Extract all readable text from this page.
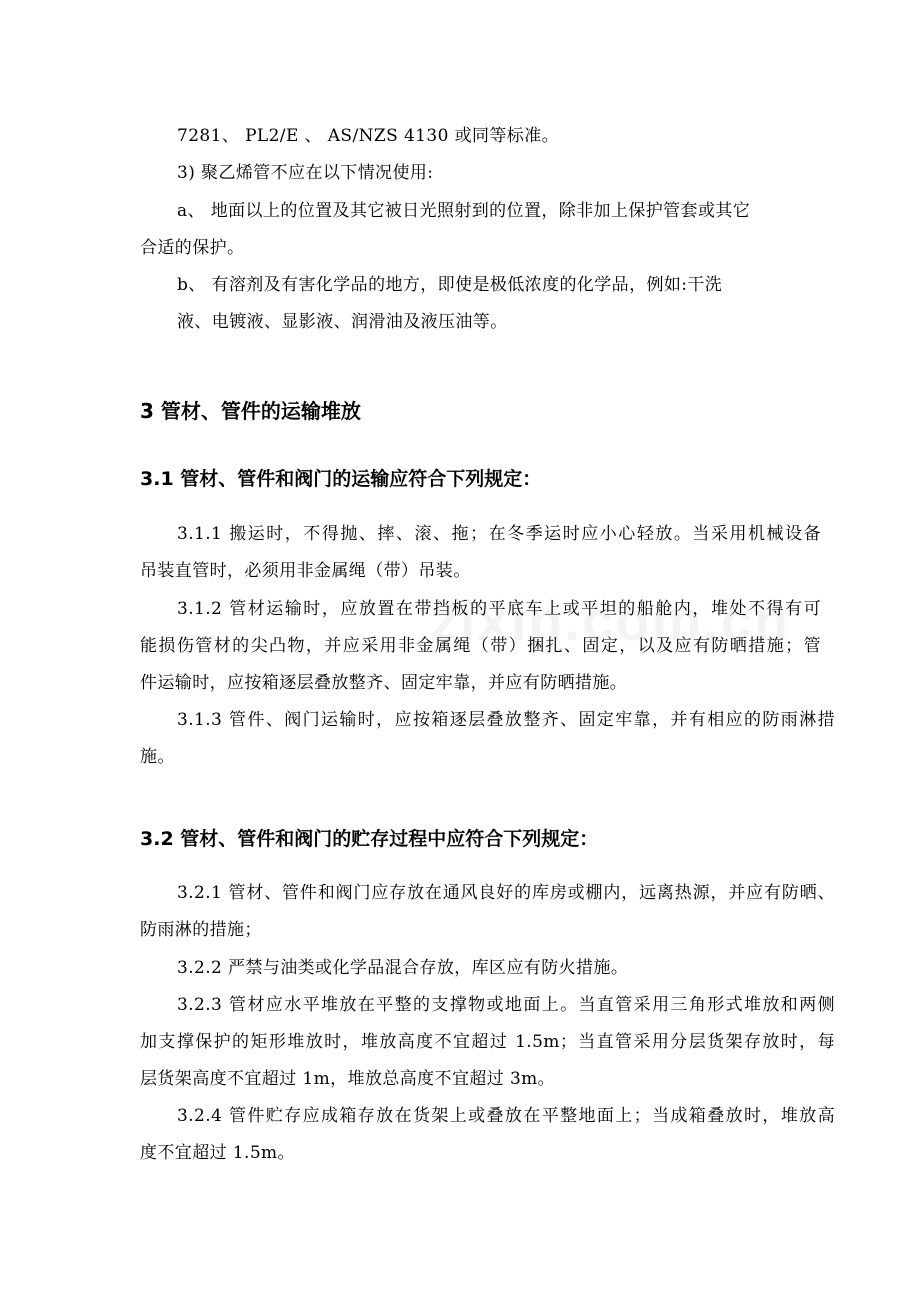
7281、 PL2/E 、 AS/NZS 4130 或同等标准。
3) 聚乙烯管不应在以下情况使用:
a、 地面以上的位置及其它被日光照射到的位置，除非加上保护管套或其它
合适的保护。
b、 有溶剂及有害化学品的地方，即使是极低浓度的化学品，例如:干洗
液、电镀液、显影液、润滑油及液压油等。
3 管材、管件的运输堆放
3.1 管材、管件和阀门的运输应符合下列规定：
3.1.1 搬运时，不得抛、摔、滚、拖；在冬季运时应小心轻放。当采用机械设备
吊装直管时，必须用非金属绳（带）吊装。
3.1.2 管材运输时，应放置在带挡板的平底车上或平坦的船舱内，堆处不得有可
能损伤管材的尖凸物，并应采用非金属绳（带）捆扎、固定，以及应有防晒措施；管
件运输时，应按箱逐层叠放整齐、固定牢靠，并应有防晒措施。
3.1.3 管件、阀门运输时，应按箱逐层叠放整齐、固定牢靠，并有相应的防雨淋措
施。
3.2 管材、管件和阀门的贮存过程中应符合下列规定：
3.2.1 管材、管件和阀门应存放在通风良好的库房或棚内，远离热源，并应有防晒、
防雨淋的措施；
3.2.2 严禁与油类或化学品混合存放，库区应有防火措施。
3.2.3 管材应水平堆放在平整的支撑物或地面上。当直管采用三角形式堆放和两侧
加支撑保护的矩形堆放时，堆放高度不宜超过 1.5m；当直管采用分层货架存放时，每
层货架高度不宜超过 1m，堆放总高度不宜超过 3m。
3.2.4 管件贮存应成箱存放在货架上或叠放在平整地面上；当成箱叠放时，堆放高
度不宜超过 1.5m。
